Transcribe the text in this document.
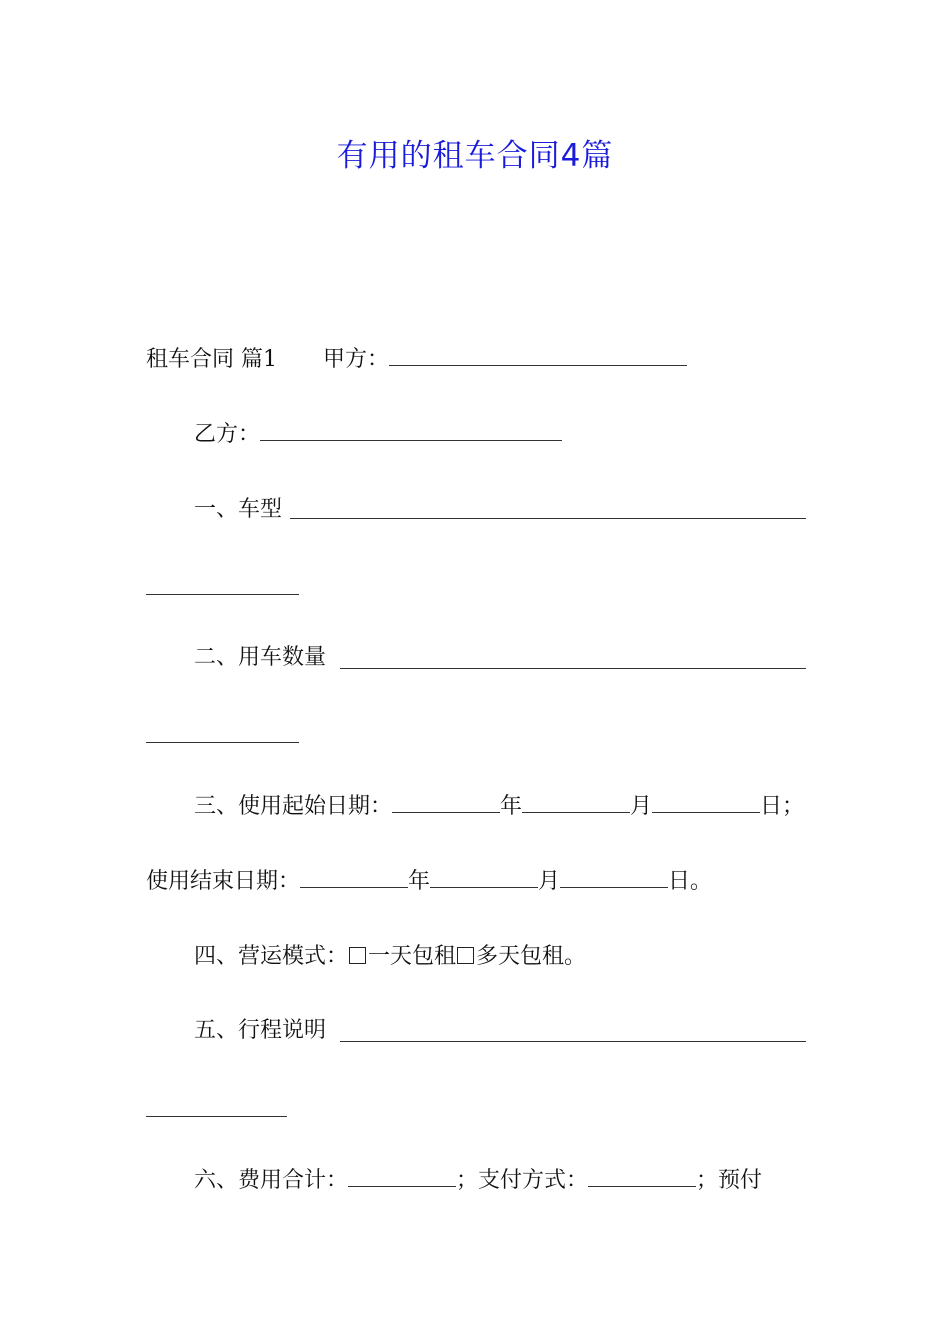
有用的租车合同4篇
租车合同 篇1 甲方：
乙方：
一、车型
二、用车数量
三、使用起始日期：	年	月	日；
使用结束日期：	年	月	日。
四、营运模式： 一天包租 多天包租。
五、行程说明
六、费用合计：	；支付方式：	；预付
